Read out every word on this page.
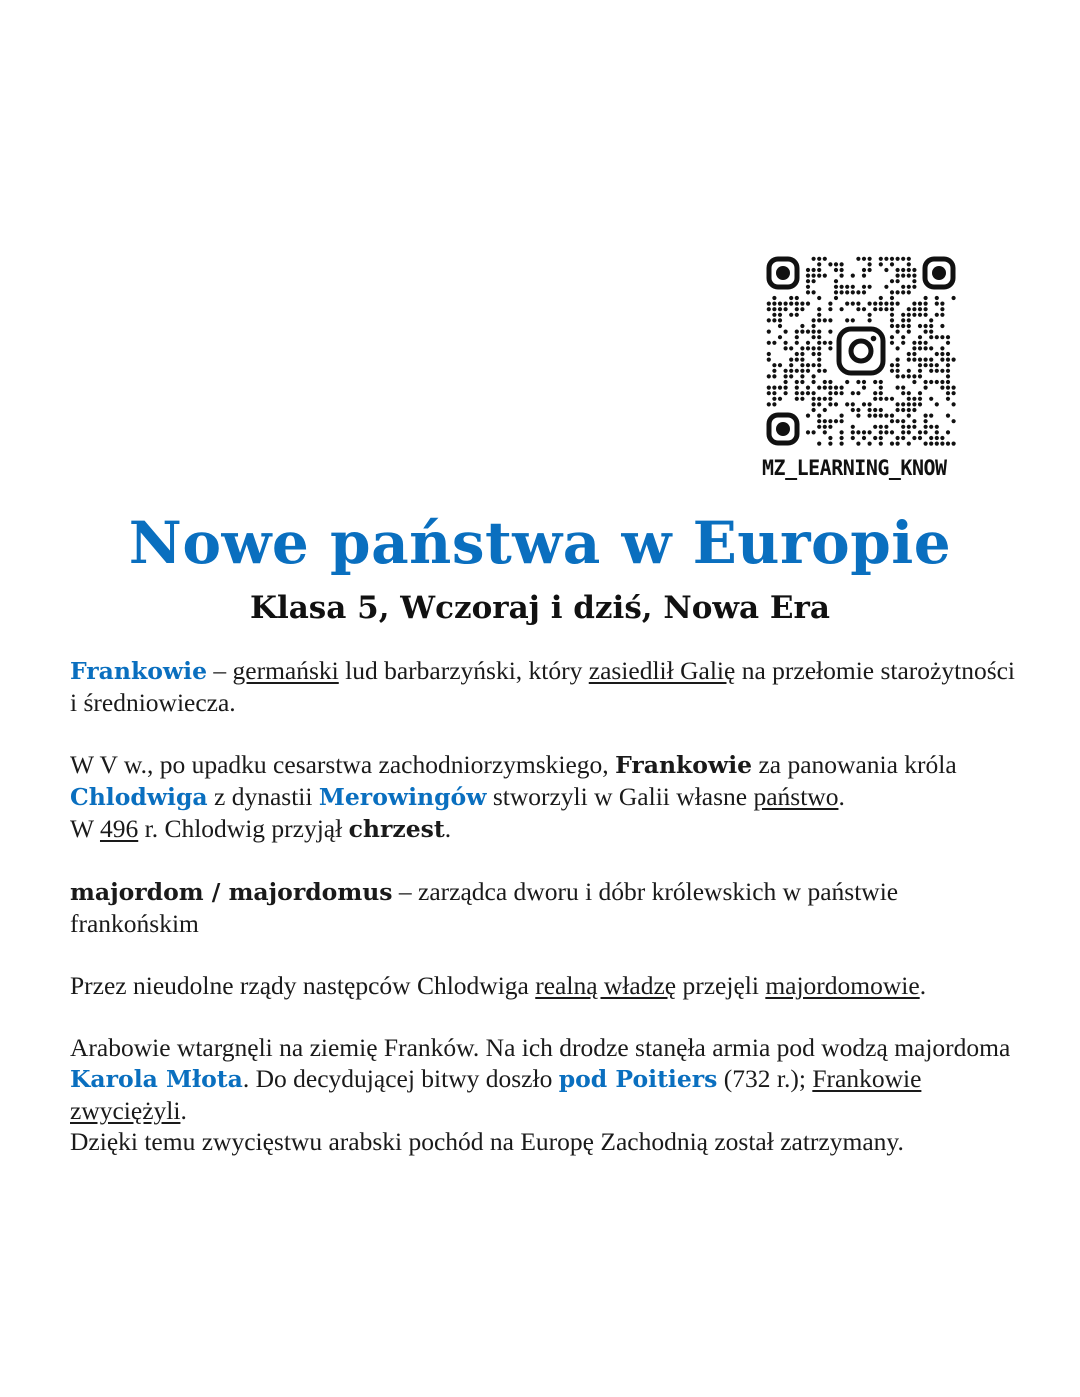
MZ_LEARNING_KNOW
Nowe państwa w Europie
Klasa 5, Wczoraj i dziś, Nowa Era

Frankowie – germański lud barbarzyński, który zasiedlił Galię na przełomie starożytności i średniowiecza.

W V w., po upadku cesarstwa zachodniorzymskiego, Frankowie za panowania króla Chlodwiga z dynastii Merowingów stworzyli w Galii własne państwo.

W 496 r. Chlodwig przyjął chrzest.

majordom / majordomus – zarządca dworu i dóbr królewskich w państwie frankońskim

Przez nieudolne rządy następców Chlodwiga realną władzę przejęli majordomowie.

Arabowie wtargnęli na ziemię Franków. Na ich drodze stanęła armia pod wodzą majordoma Karola Młota. Do decydującej bitwy doszło pod Poitiers (732 r.); Frankowie zwyciężyli.

Dzięki temu zwycięstwu arabski pochód na Europę Zachodnią został zatrzymany.
